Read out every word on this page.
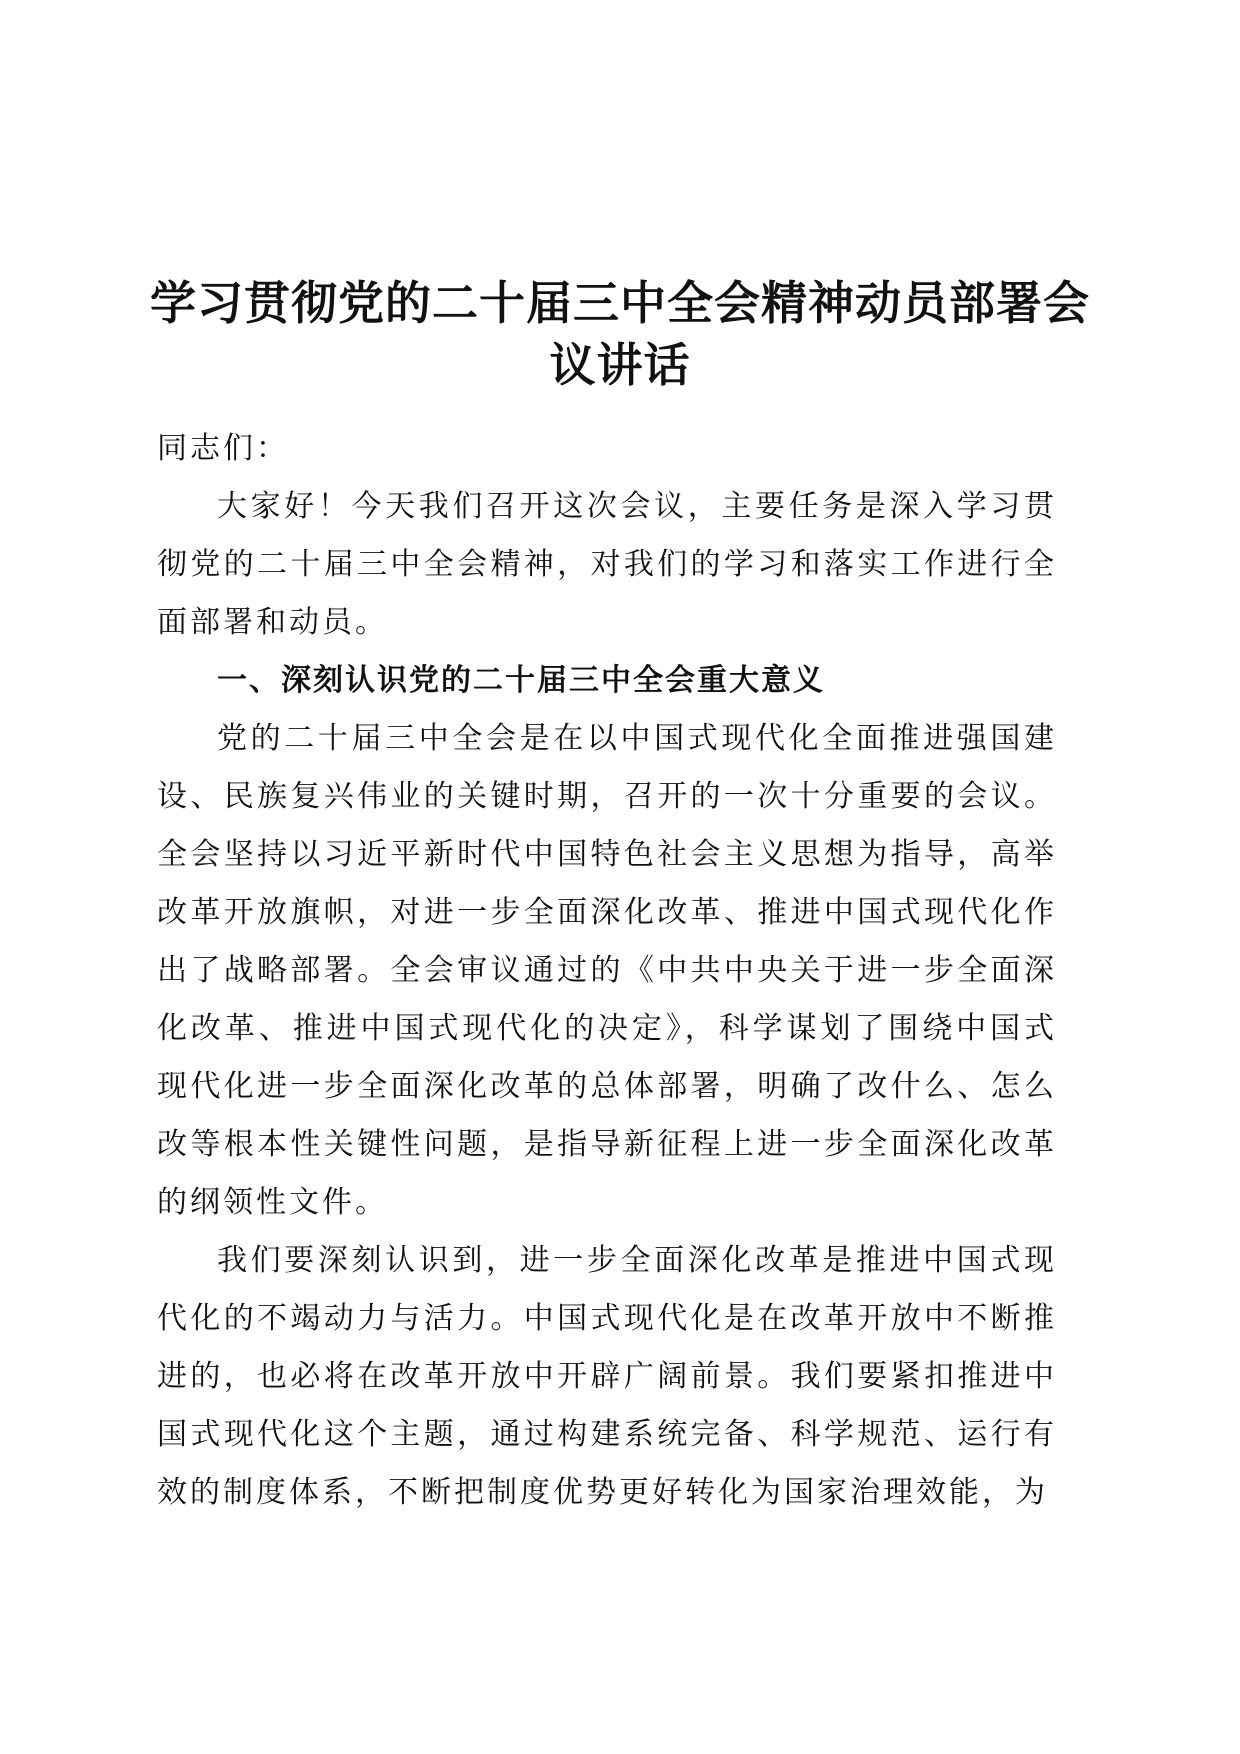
学习贯彻党的二十届三中全会精神动员部署会议讲话

同志们：

大家好！今天我们召开这次会议，主要任务是深入学习贯彻党的二十届三中全会精神，对我们的学习和落实工作进行全面部署和动员。

一、深刻认识党的二十届三中全会重大意义

党的二十届三中全会是在以中国式现代化全面推进强国建设、民族复兴伟业的关键时期，召开的一次十分重要的会议。全会坚持以习近平新时代中国特色社会主义思想为指导，高举改革开放旗帜，对进一步全面深化改革、推进中国式现代化作出了战略部署。全会审议通过的《中共中央关于进一步全面深化改革、推进中国式现代化的决定》，科学谋划了围绕中国式现代化进一步全面深化改革的总体部署，明确了改什么、怎么改等根本性关键性问题，是指导新征程上进一步全面深化改革的纲领性文件。

我们要深刻认识到，进一步全面深化改革是推进中国式现代化的不竭动力与活力。中国式现代化是在改革开放中不断推进的，也必将在改革开放中开辟广阔前景。我们要紧扣推进中国式现代化这个主题，通过构建系统完备、科学规范、运行有效的制度体系，不断把制度优势更好转化为国家治理效能，为
